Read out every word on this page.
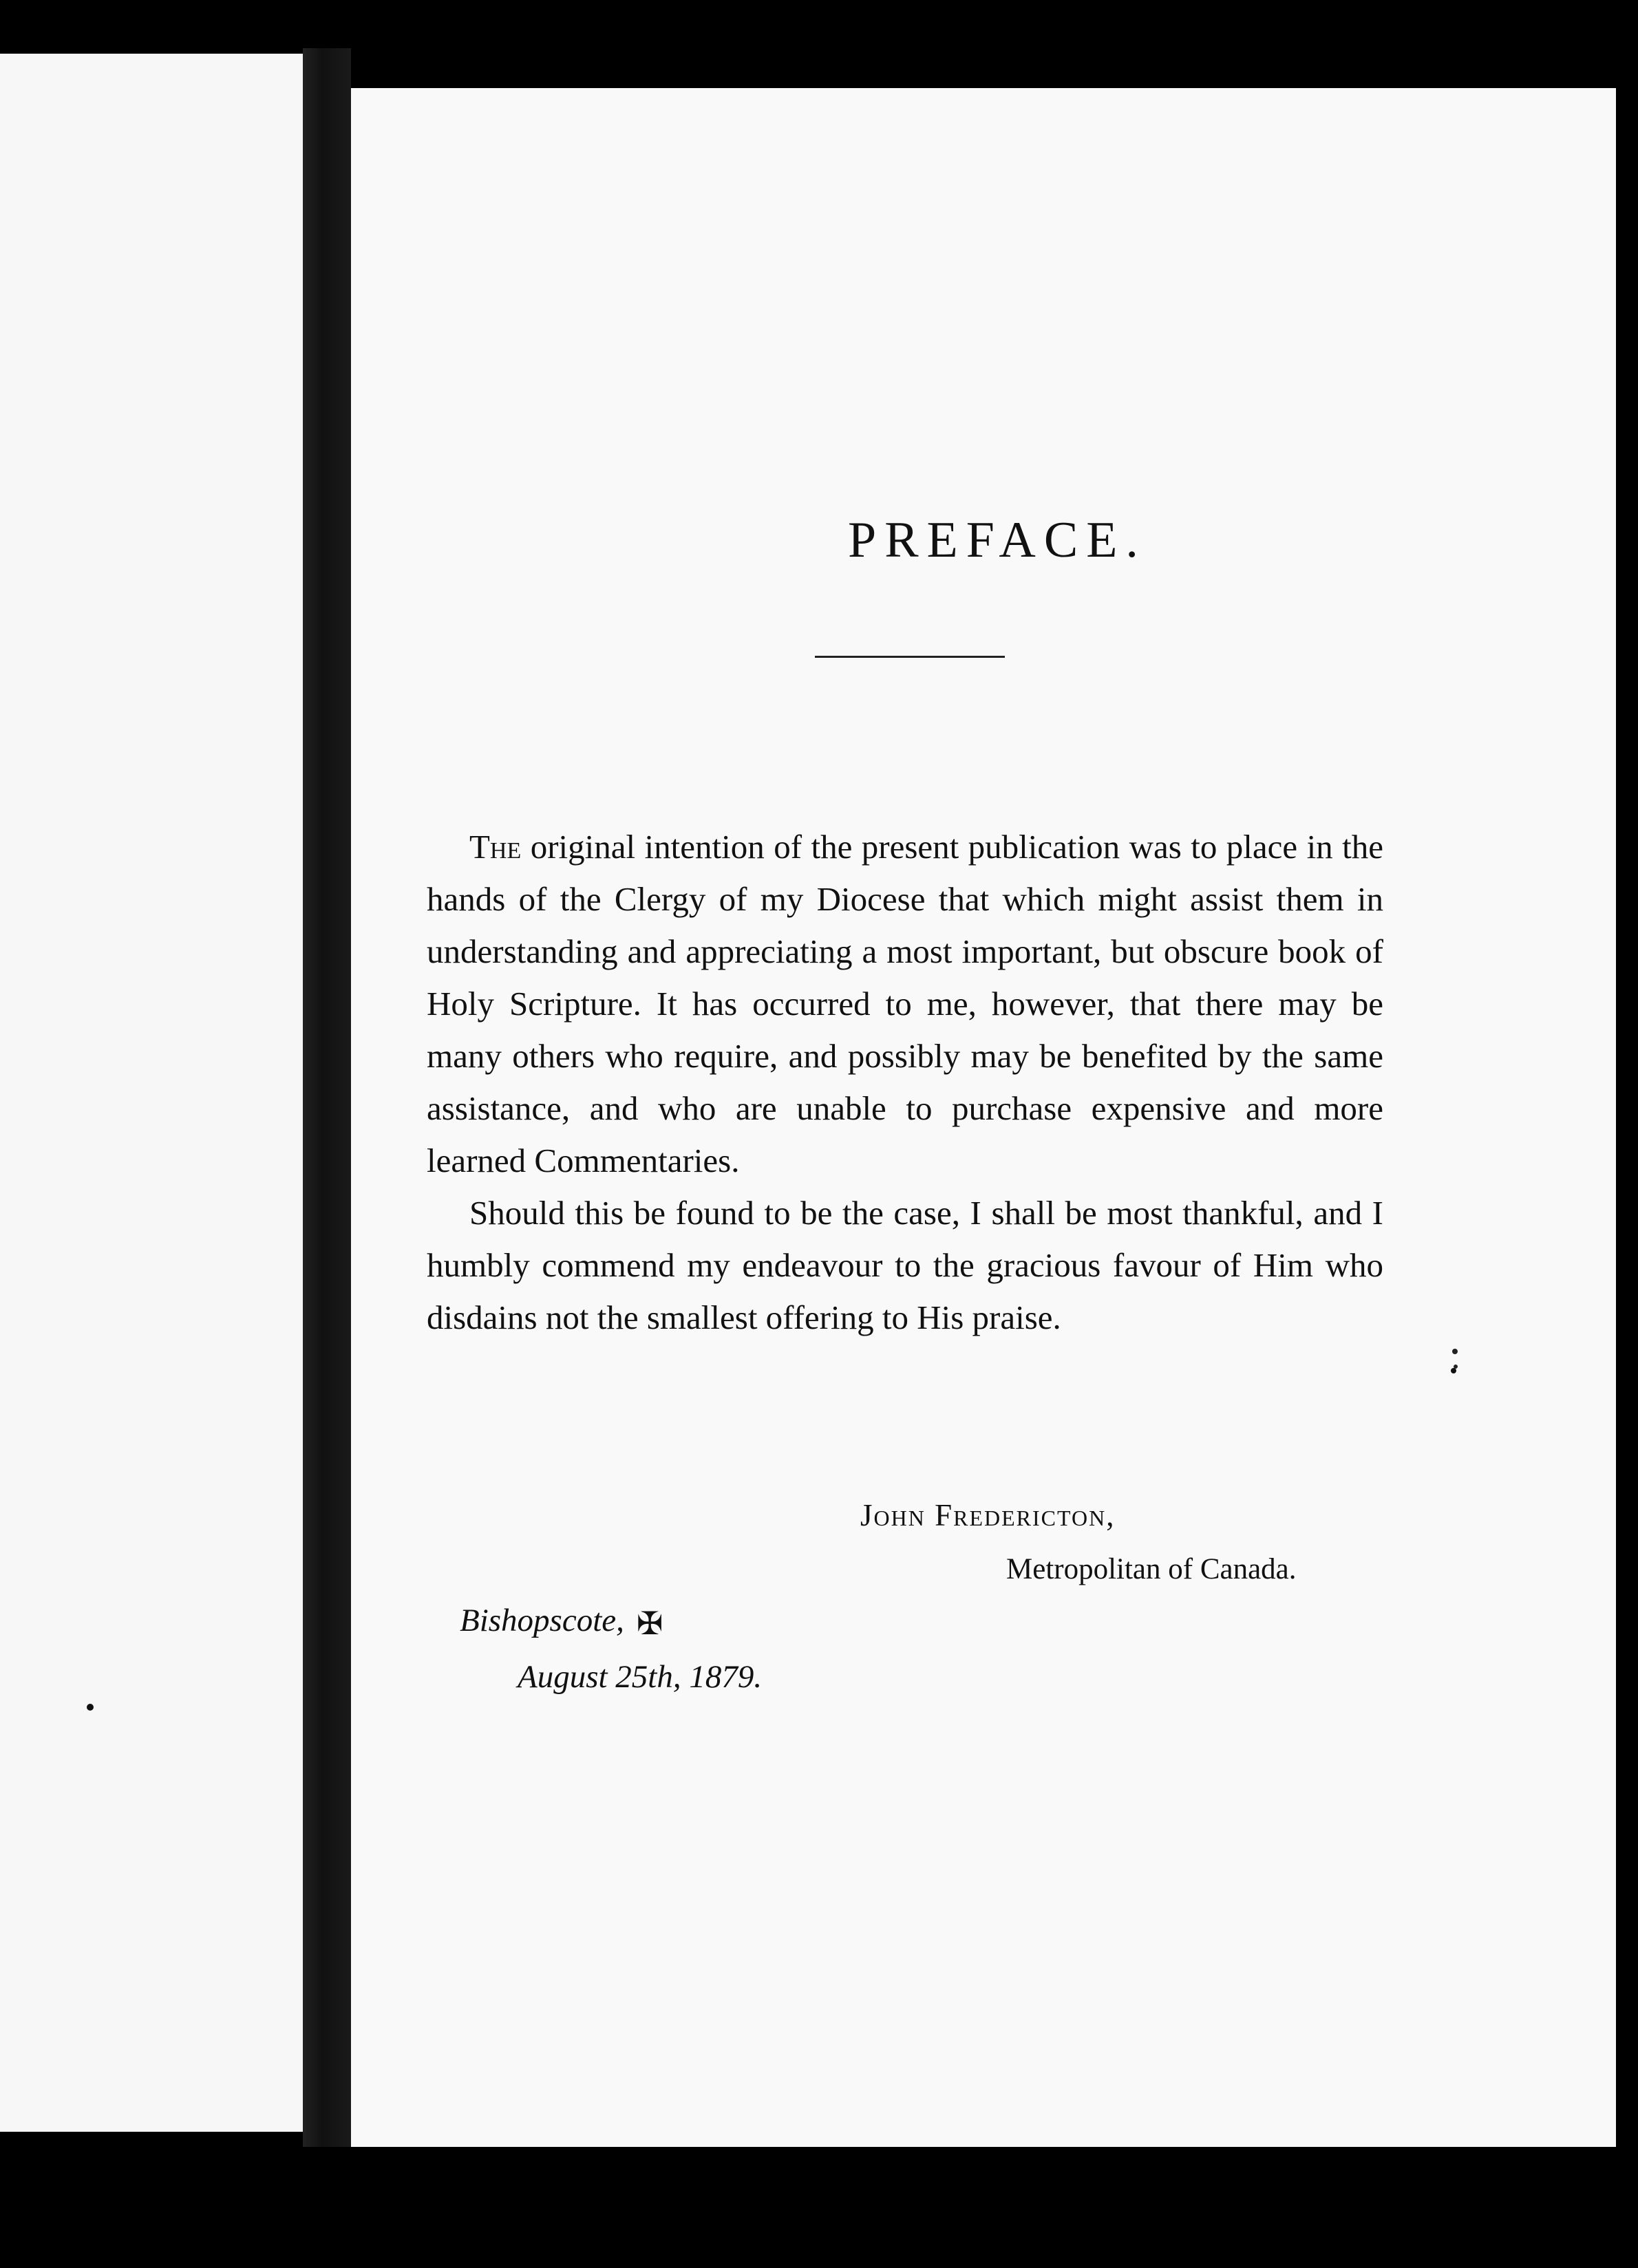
PREFACE.

The original intention of the present publication was to place in the hands of the Clergy of my Diocese that which might assist them in understanding and appreciating a most important, but obscure book of Holy Scripture. It has occurred to me, however, that there may be many others who require, and possibly may be benefited by the same assistance, and who are unable to purchase expensive and more learned Commentaries.

Should this be found to be the case, I shall be most thankful, and I humbly commend my endeavour to the gracious favour of Him who disdains not the smallest offering to His praise.

John Fredericton,
Metropolitan of Canada.
Bishopscote, ✠
August 25th, 1879.
